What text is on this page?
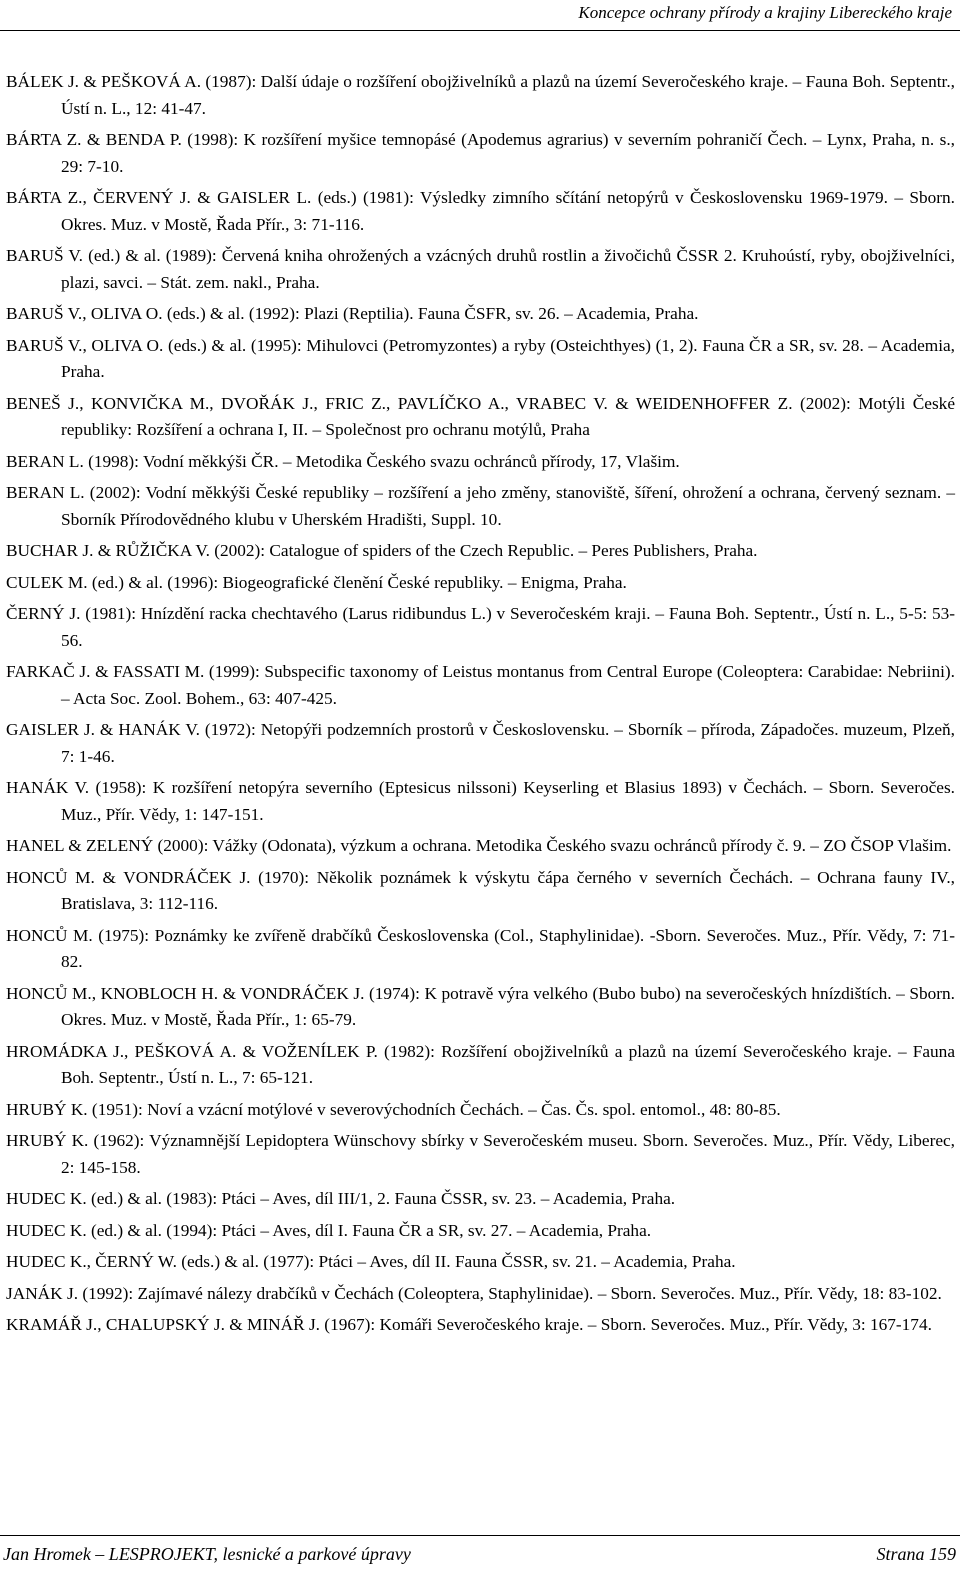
Koncepce ochrany přírody a krajiny Libereckého kraje

BÁLEK J. & PEŠKOVÁ A. (1987): Další údaje o rozšíření obojživelníků a plazů na území Severočeského kraje. – Fauna Boh. Septentr., Ústí n. L., 12: 41-47.

BÁRTA Z. & BENDA P. (1998): K rozšíření myšice temnopásé (Apodemus agrarius) v severním pohraničí Čech. – Lynx, Praha, n. s., 29: 7-10.

BÁRTA Z., ČERVENÝ J. & GAISLER L. (eds.) (1981): Výsledky zimního sčítání netopýrů v Československu 1969-1979. – Sborn. Okres. Muz. v Mostě, Řada Přír., 3: 71-116.

BARUŠ V. (ed.) & al. (1989): Červená kniha ohrožených a vzácných druhů rostlin a živočichů ČSSR 2. Kruhoústí, ryby, obojživelníci, plazi, savci. – Stát. zem. nakl., Praha.

BARUŠ V., OLIVA O. (eds.) & al. (1992): Plazi (Reptilia). Fauna ČSFR, sv. 26. – Academia, Praha.

BARUŠ V., OLIVA O. (eds.) & al. (1995): Mihulovci (Petromyzontes) a ryby (Osteichthyes) (1, 2). Fauna ČR a SR, sv. 28. – Academia, Praha.

BENEŠ J., KONVIČKA M., DVOŘÁK J., FRIC Z., PAVLÍČKO A., VRABEC V. & WEIDENHOFFER Z. (2002): Motýli České republiky: Rozšíření a ochrana I, II. – Společnost pro ochranu motýlů, Praha

BERAN L. (1998): Vodní měkkýši ČR. – Metodika Českého svazu ochránců přírody, 17, Vlašim.

BERAN L. (2002): Vodní měkkýši České republiky – rozšíření a jeho změny, stanoviště, šíření, ohrožení a ochrana, červený seznam. – Sborník Přírodovědného klubu v Uherském Hradišti, Suppl. 10.

BUCHAR J. & RŮŽIČKA V. (2002): Catalogue of spiders of the Czech Republic. – Peres Publishers, Praha.

CULEK M. (ed.) & al. (1996): Biogeografické členění České republiky. – Enigma, Praha.

ČERNÝ J. (1981): Hnízdění racka chechtavého (Larus ridibundus L.) v Severočeském kraji. – Fauna Boh. Septentr., Ústí n. L., 5-5: 53-56.

FARKAČ J. & FASSATI M. (1999): Subspecific taxonomy of Leistus montanus from Central Europe (Coleoptera: Carabidae: Nebriini). – Acta Soc. Zool. Bohem., 63: 407-425.

GAISLER J. & HANÁK V. (1972): Netopýři podzemních prostorů v Československu. – Sborník – příroda, Západočes. muzeum, Plzeň, 7: 1-46.

HANÁK V. (1958): K rozšíření netopýra severního (Eptesicus nilssoni) Keyserling et Blasius 1893) v Čechách. – Sborn. Severočes. Muz., Přír. Vědy, 1: 147-151.

HANEL & ZELENÝ (2000): Vážky (Odonata), výzkum a ochrana. Metodika Českého svazu ochránců přírody č. 9. – ZO ČSOP Vlašim.

HONCŮ M. & VONDRÁČEK J. (1970): Několik poznámek k výskytu čápa černého v severních Čechách. – Ochrana fauny IV., Bratislava, 3: 112-116.

HONCŮ M. (1975): Poznámky ke zvířeně drabčíků Československa (Col., Staphylinidae). -Sborn. Severočes. Muz., Přír. Vědy, 7: 71-82.

HONCŮ M., KNOBLOCH H. & VONDRÁČEK J. (1974): K potravě výra velkého (Bubo bubo) na severočeských hnízdištích. – Sborn. Okres. Muz. v Mostě, Řada Přír., 1: 65-79.

HROMÁDKA J., PEŠKOVÁ A. & VOŽENÍLEK P. (1982): Rozšíření obojživelníků a plazů na území Severočeského kraje. – Fauna Boh. Septentr., Ústí n. L., 7: 65-121.

HRUBÝ K. (1951): Noví a vzácní motýlové v severovýchodních Čechách. – Čas. Čs. spol. entomol., 48: 80-85.

HRUBÝ K. (1962): Významnější Lepidoptera Wünschovy sbírky v Severočeském museu. Sborn. Severočes. Muz., Přír. Vědy, Liberec, 2: 145-158.

HUDEC K. (ed.) & al. (1983): Ptáci – Aves, díl III/1, 2. Fauna ČSSR, sv. 23. – Academia, Praha.

HUDEC K. (ed.) & al. (1994): Ptáci – Aves, díl I. Fauna ČR a SR, sv. 27. – Academia, Praha.

HUDEC K., ČERNÝ W. (eds.) & al. (1977): Ptáci – Aves, díl II. Fauna ČSSR, sv. 21. – Academia, Praha.

JANÁK J. (1992): Zajímavé nálezy drabčíků v Čechách (Coleoptera, Staphylinidae). – Sborn. Severočes. Muz., Přír. Vědy, 18: 83-102.

KRAMÁŘ J., CHALUPSKÝ J. & MINÁŘ J. (1967): Komáři Severočeského kraje. – Sborn. Severočes. Muz., Přír. Vědy, 3: 167-174.

Jan Hromek – LESPROJEKT, lesnické a parkové úpravy	Strana 159
